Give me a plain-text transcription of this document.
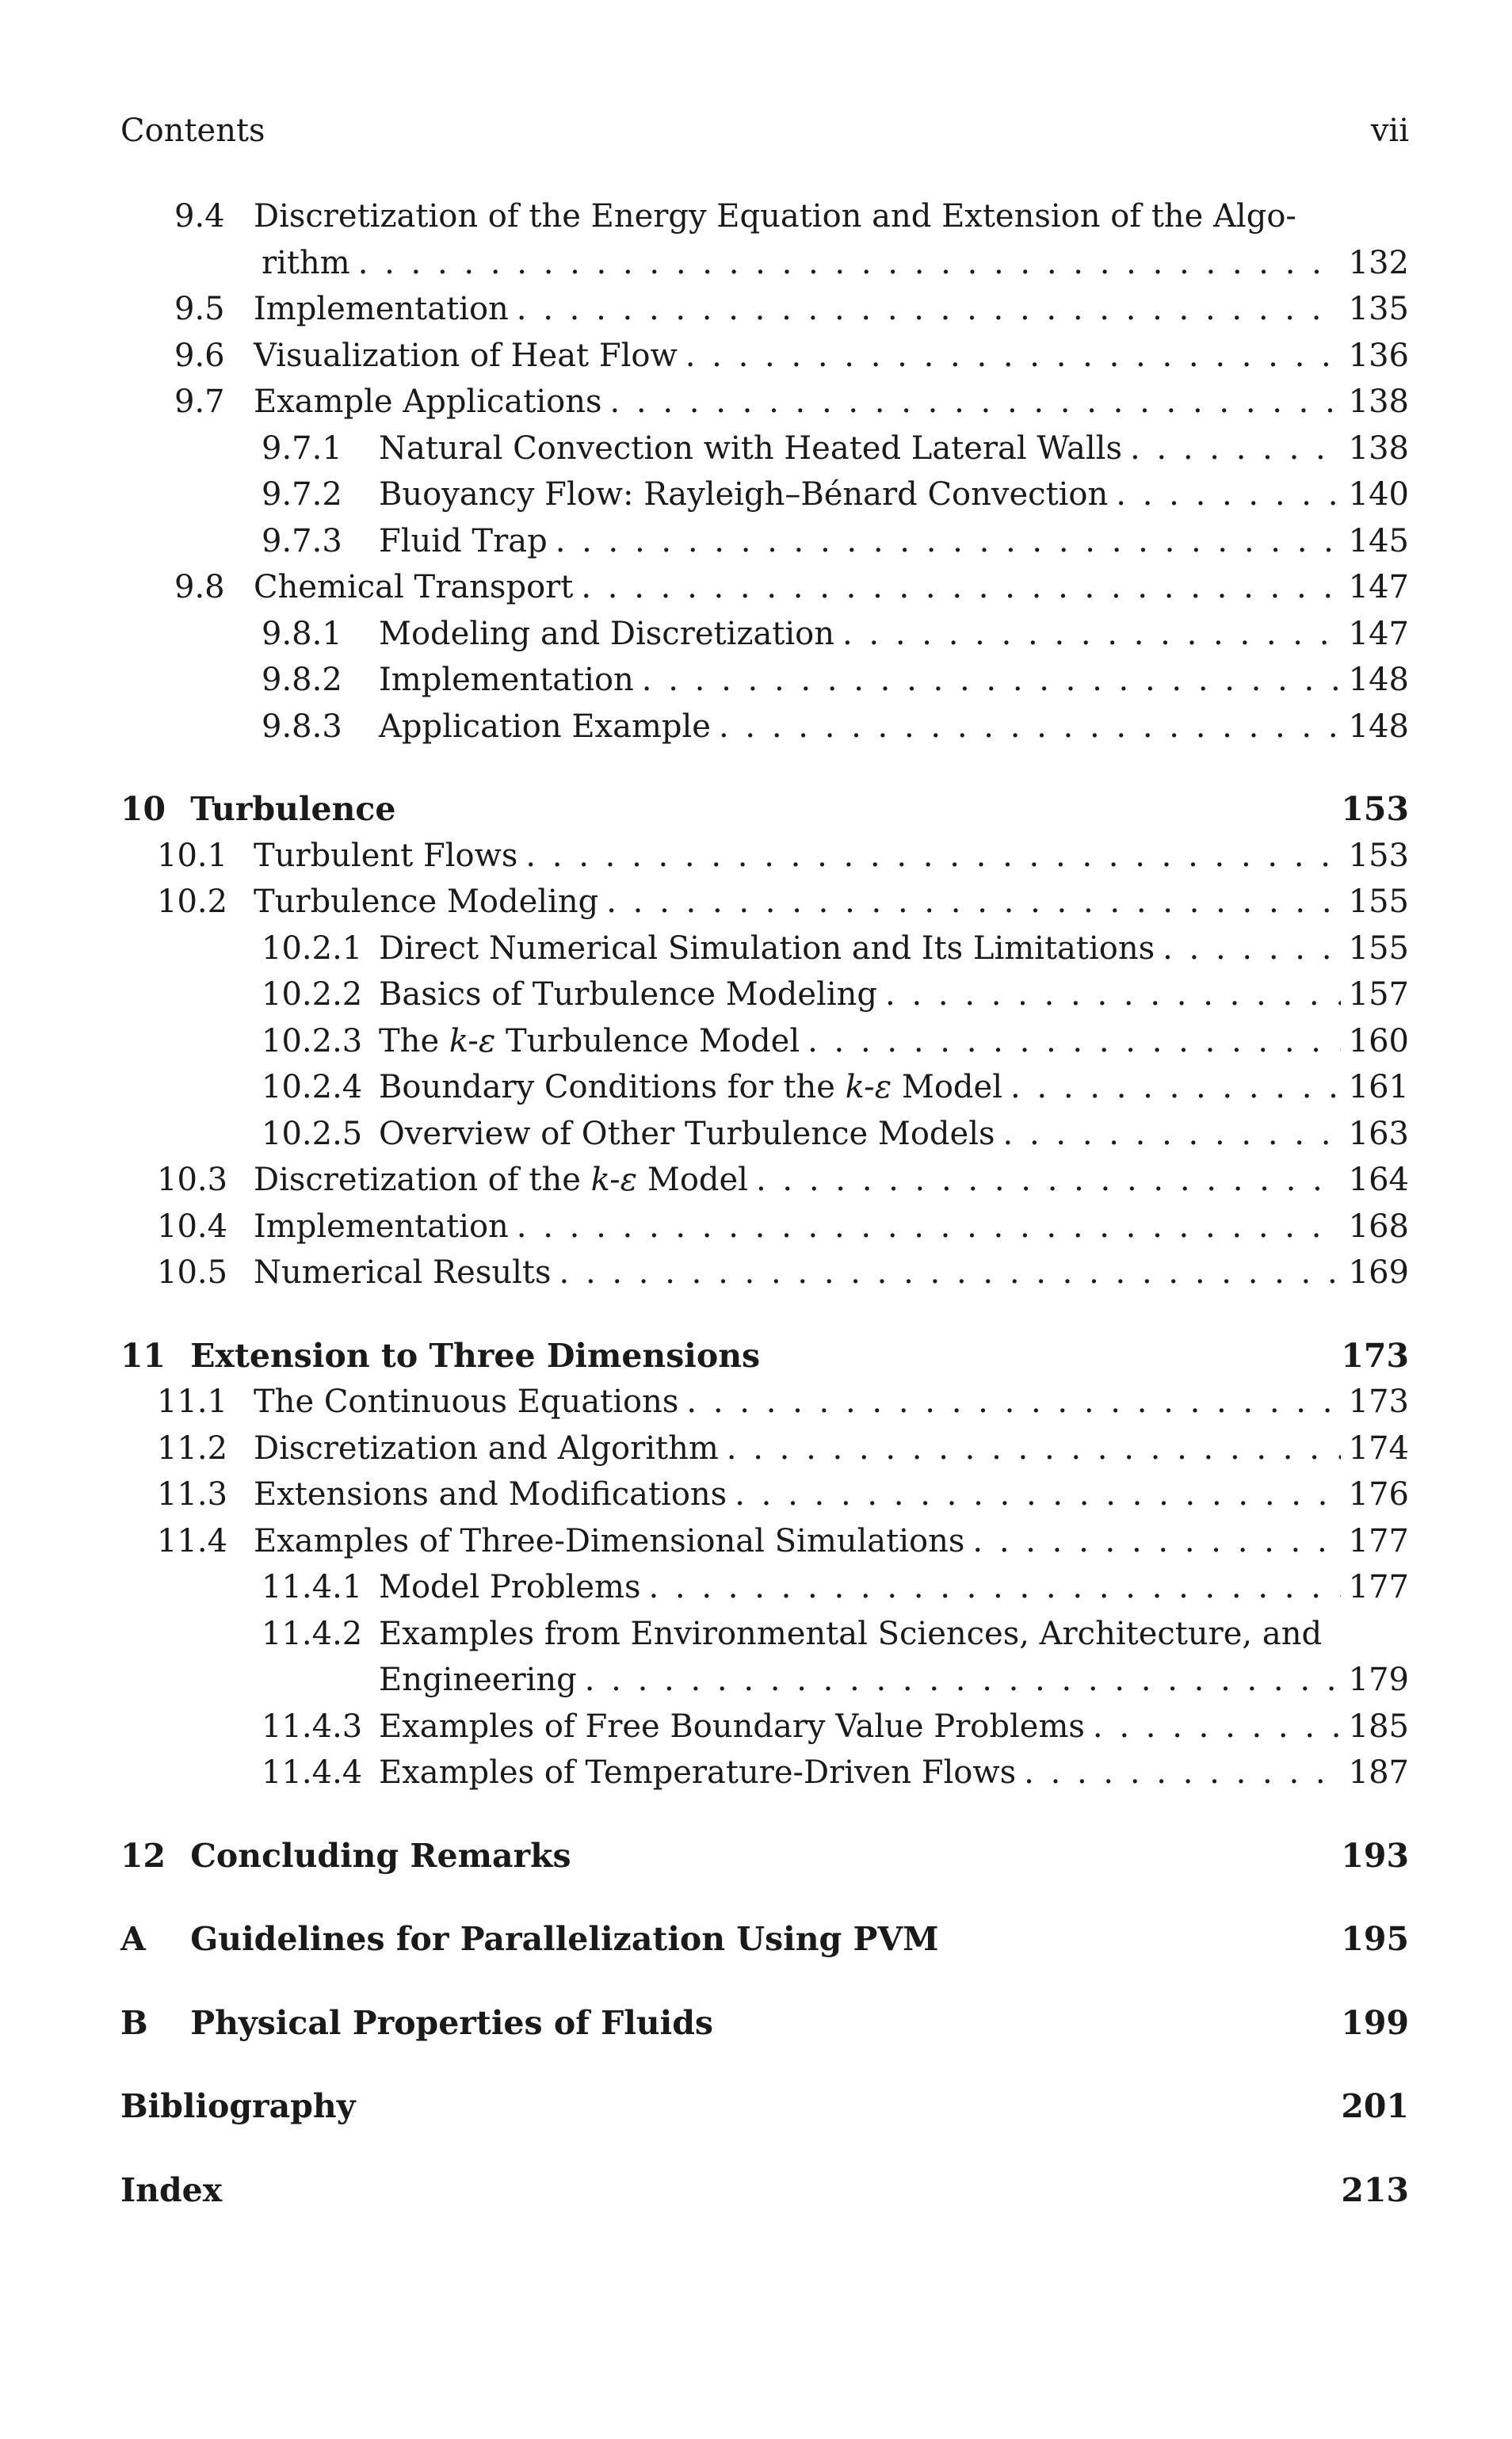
Contents	vii
9.4 Discretization of the Energy Equation and Extension of the Algo-
rithm . . .	132
9.5 Implementation . . .	135
9.6 Visualization of Heat Flow . . .	136
9.7 Example Applications . . .	138
9.7.1	Natural Convection with Heated Lateral Walls . . .	138
9.7.2	Buoyancy Flow: Rayleigh–Bénard Convection . . .	140
9.7.3	Fluid Trap . . .	145
9.8 Chemical Transport . . .	147
9.8.1	Modeling and Discretization . . .	147
9.8.2	Implementation . . .	148
9.8.3	Application Example . . .	148
10 Turbulence	153
10.1 Turbulent Flows . . .	153
10.2 Turbulence Modeling . . .	155
10.2.1 Direct Numerical Simulation and Its Limitations . . .	155
10.2.2 Basics of Turbulence Modeling . . .	157
10.2.3 The k-ε Turbulence Model . . .	160
10.2.4 Boundary Conditions for the k-ε Model . . .	161
10.2.5 Overview of Other Turbulence Models . . .	163
10.3 Discretization of the k-ε Model . . .	164
10.4 Implementation . . .	168
10.5 Numerical Results . . .	169
11 Extension to Three Dimensions	173
11.1 The Continuous Equations . . .	173
11.2 Discretization and Algorithm . . .	174
11.3 Extensions and Modifications . . .	176
11.4 Examples of Three-Dimensional Simulations . . .	177
11.4.1 Model Problems . . .	177
11.4.2 Examples from Environmental Sciences, Architecture, and
Engineering . . .	179
11.4.3 Examples of Free Boundary Value Problems . . .	185
11.4.4 Examples of Temperature-Driven Flows . . .	187
12 Concluding Remarks	193
A Guidelines for Parallelization Using PVM	195
B Physical Properties of Fluids	199
Bibliography	201
Index	213
